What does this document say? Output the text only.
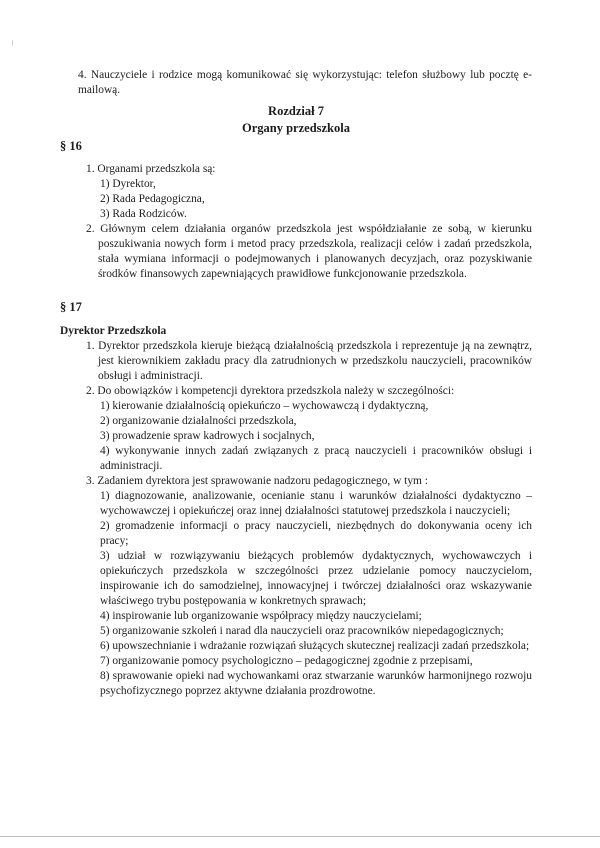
4. Nauczyciele i rodzice mogą komunikować się wykorzystując: telefon służbowy lub pocztę e-mailową.

Rozdział 7

Organy przedszkola

§ 16

1. Organami przedszkola są:

1) Dyrektor,

2) Rada Pedagogiczna,

3) Rada Rodziców.

2. Głównym celem działania organów przedszkola jest współdziałanie ze sobą, w kierunku poszukiwania nowych form i metod pracy przedszkola, realizacji celów i zadań przedszkola, stała wymiana informacji o podejmowanych i planowanych decyzjach, oraz pozyskiwanie środków finansowych zapewniających prawidłowe funkcjonowanie przedszkola.

§ 17

Dyrektor Przedszkola

1. Dyrektor przedszkola kieruje bieżącą działalnością przedszkola i reprezentuje ją na zewnątrz, jest kierownikiem zakładu pracy dla zatrudnionych w przedszkolu nauczycieli, pracowników obsługi i administracji.

2. Do obowiązków i kompetencji dyrektora przedszkola należy w szczególności:

1) kierowanie działalnością opiekuńczo – wychowawczą i dydaktyczną,

2) organizowanie działalności przedszkola,

3) prowadzenie spraw kadrowych i socjalnych,

4) wykonywanie innych zadań związanych z pracą nauczycieli i pracowników obsługi i administracji.

3. Zadaniem dyrektora jest sprawowanie nadzoru pedagogicznego, w tym :

1) diagnozowanie, analizowanie, ocenianie stanu i warunków działalności dydaktyczno – wychowawczej i opiekuńczej oraz innej działalności statutowej przedszkola i nauczycieli;

2) gromadzenie informacji o pracy nauczycieli, niezbędnych do dokonywania oceny ich pracy;

3) udział w rozwiązywaniu bieżących problemów dydaktycznych, wychowawczych i opiekuńczych przedszkola w szczególności przez udzielanie pomocy nauczycielom, inspirowanie ich do samodzielnej, innowacyjnej i twórczej działalności oraz wskazywanie właściwego trybu postępowania w konkretnych sprawach;

4) inspirowanie lub organizowanie współpracy między nauczycielami;

5) organizowanie szkoleń i narad dla nauczycieli oraz pracowników niepedagogicznych;

6) upowszechnianie i wdrażanie rozwiązań służących skutecznej realizacji zadań przedszkola;

7) organizowanie pomocy psychologiczno – pedagogicznej zgodnie z przepisami,

8) sprawowanie opieki nad wychowankami oraz stwarzanie warunków harmonijnego rozwoju psychofizycznego poprzez aktywne działania prozdrowotne.
